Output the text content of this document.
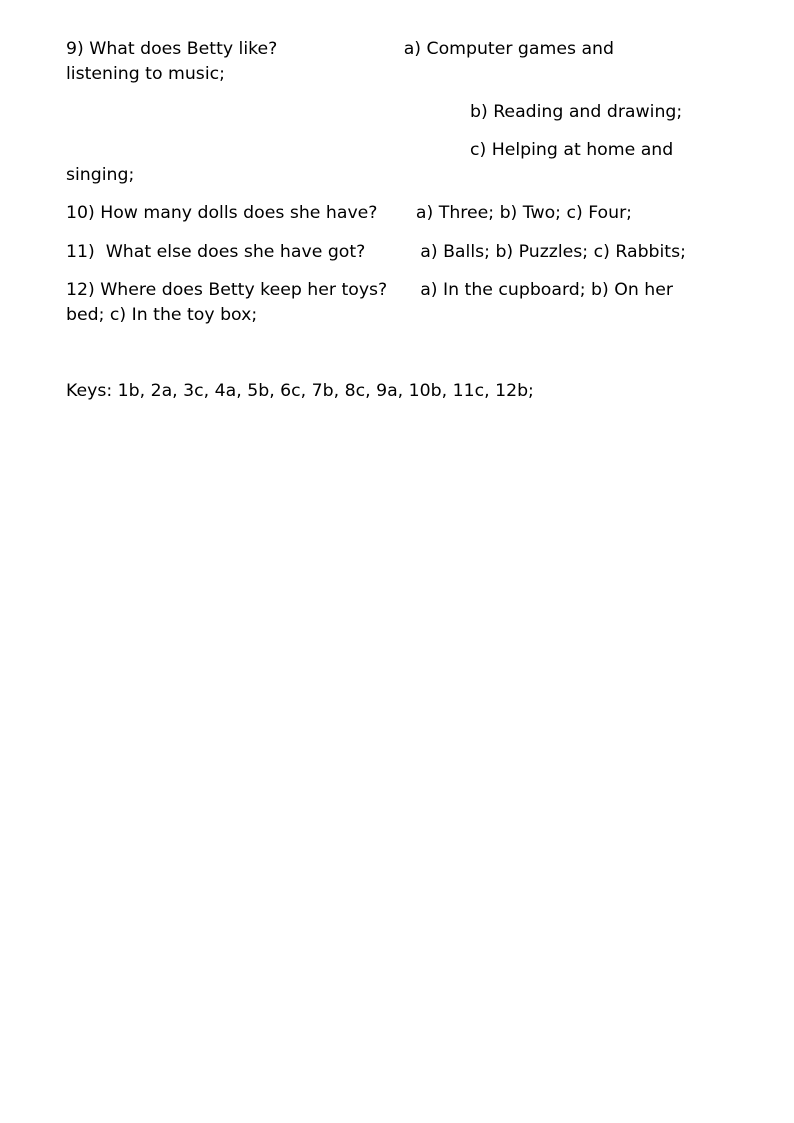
9) What does Betty like?                       a) Computer games and
listening to music;
b) Reading and drawing;
c) Helping at home and
singing;
10) How many dolls does she have?       a) Three; b) Two; c) Four;
11)  What else does she have got?          a) Balls; b) Puzzles; c) Rabbits;
12) Where does Betty keep her toys?      a) In the cupboard; b) On her
bed; c) In the toy box;
Keys: 1b, 2a, 3c, 4a, 5b, 6c, 7b, 8c, 9a, 10b, 11c, 12b;
